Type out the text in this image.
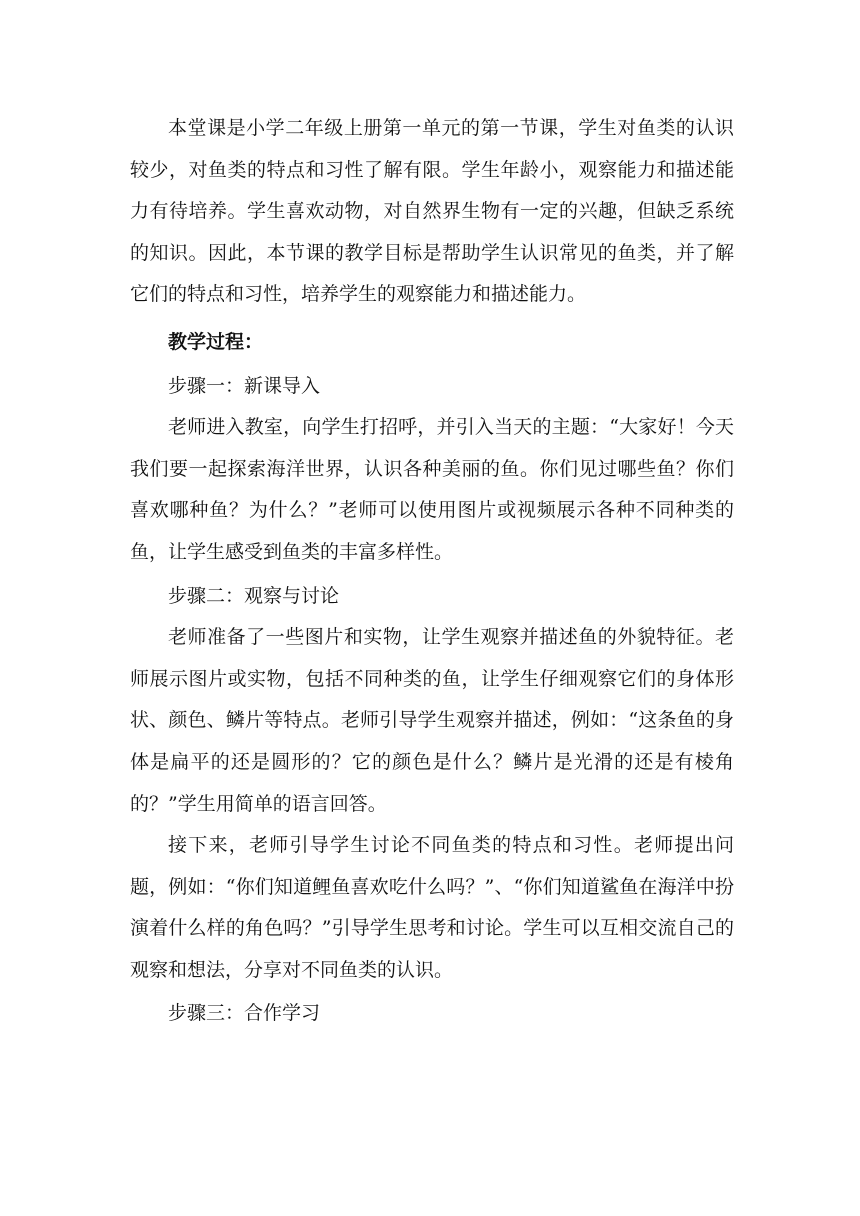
本堂课是小学二年级上册第一单元的第一节课，学生对鱼类的认识较少，对鱼类的特点和习性了解有限。学生年龄小，观察能力和描述能力有待培养。学生喜欢动物，对自然界生物有一定的兴趣，但缺乏系统的知识。因此，本节课的教学目标是帮助学生认识常见的鱼类，并了解它们的特点和习性，培养学生的观察能力和描述能力。

教学过程：

步骤一：新课导入

老师进入教室，向学生打招呼，并引入当天的主题：“大家好！今天我们要一起探索海洋世界，认识各种美丽的鱼。你们见过哪些鱼？你们喜欢哪种鱼？为什么？”老师可以使用图片或视频展示各种不同种类的鱼，让学生感受到鱼类的丰富多样性。

步骤二：观察与讨论

老师准备了一些图片和实物，让学生观察并描述鱼的外貌特征。老师展示图片或实物，包括不同种类的鱼，让学生仔细观察它们的身体形状、颜色、鳞片等特点。老师引导学生观察并描述，例如：“这条鱼的身体是扁平的还是圆形的？它的颜色是什么？鳞片是光滑的还是有棱角的？”学生用简单的语言回答。

接下来，老师引导学生讨论不同鱼类的特点和习性。老师提出问题，例如：“你们知道鲤鱼喜欢吃什么吗？”、“你们知道鲨鱼在海洋中扮演着什么样的角色吗？”引导学生思考和讨论。学生可以互相交流自己的观察和想法，分享对不同鱼类的认识。

步骤三：合作学习
